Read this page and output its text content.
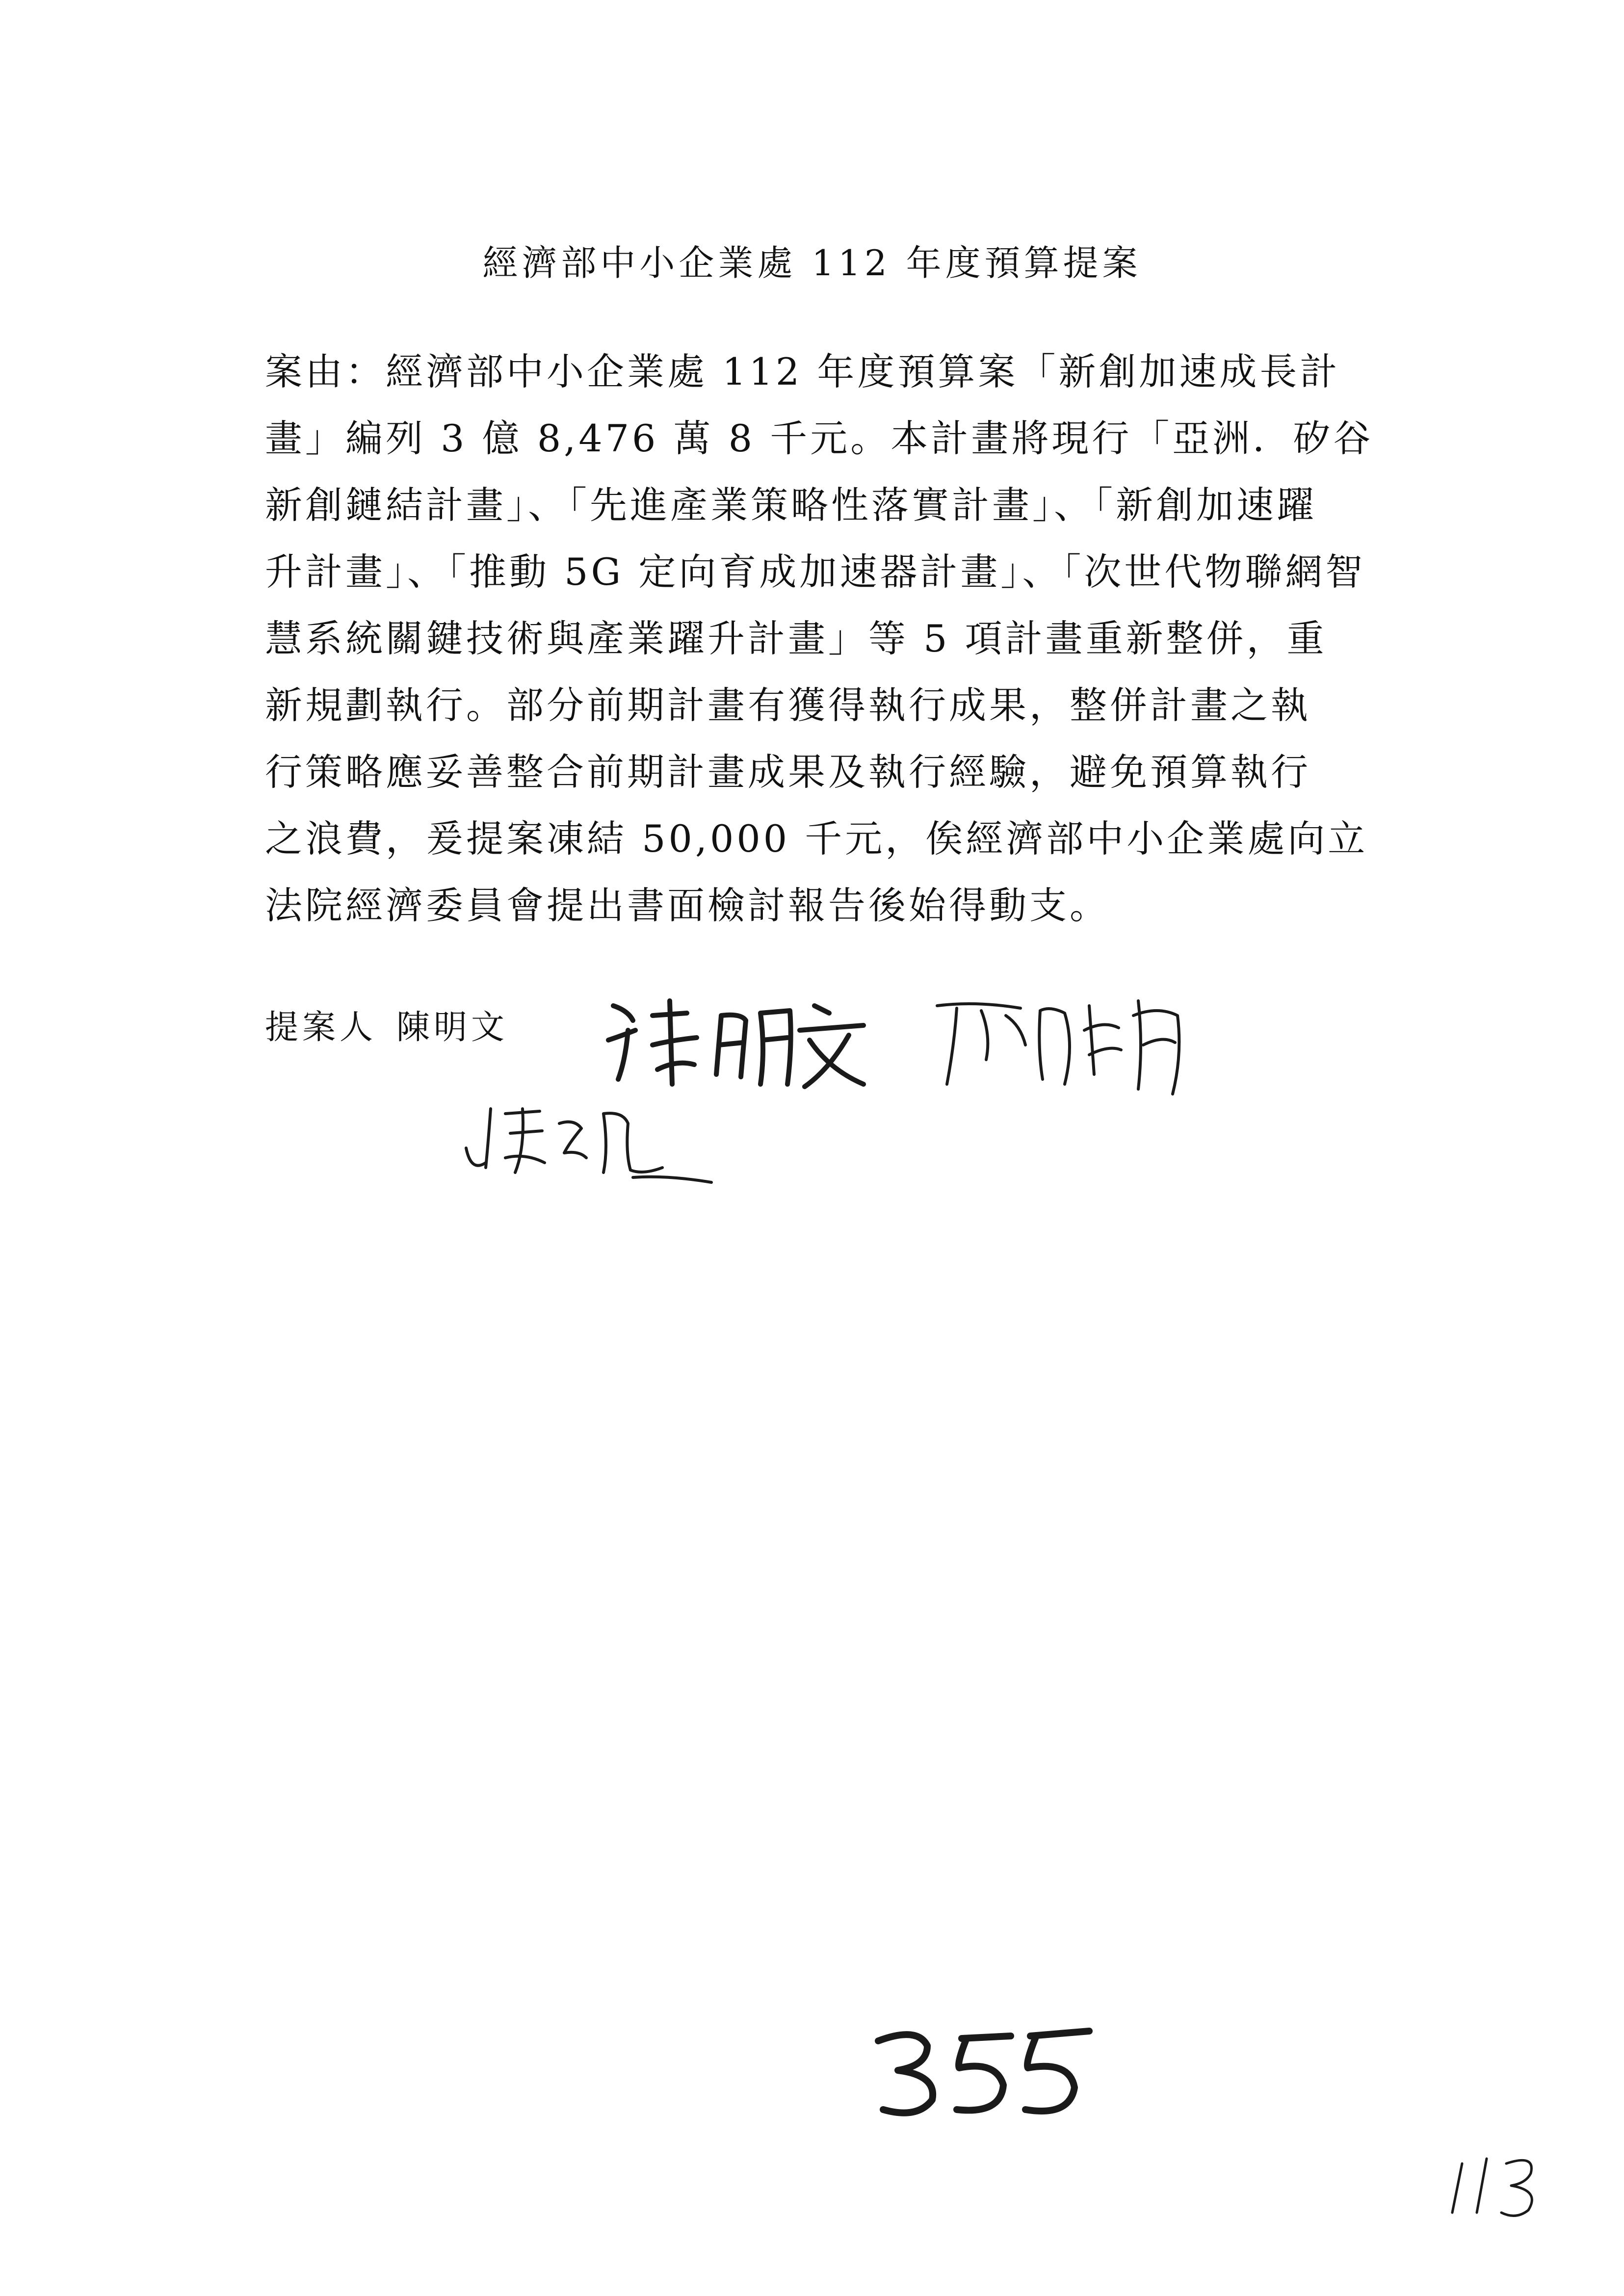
經濟部中小企業處 112 年度預算提案
案由：經濟部中小企業處 112 年度預算案「新創加速成長計
畫」編列 3 億 8,476 萬 8 千元。本計畫將現行「亞洲．矽谷
新創鏈結計畫」、「先進產業策略性落實計畫」、「新創加速躍
升計畫」、「推動 5G 定向育成加速器計畫」、「次世代物聯網智
慧系統關鍵技術與產業躍升計畫」等 5 項計畫重新整併，重
新規劃執行。部分前期計畫有獲得執行成果，整併計畫之執
行策略應妥善整合前期計畫成果及執行經驗，避免預算執行
之浪費，爰提案凍結 50,000 千元，俟經濟部中小企業處向立
法院經濟委員會提出書面檢討報告後始得動支。
提案人 陳明文
